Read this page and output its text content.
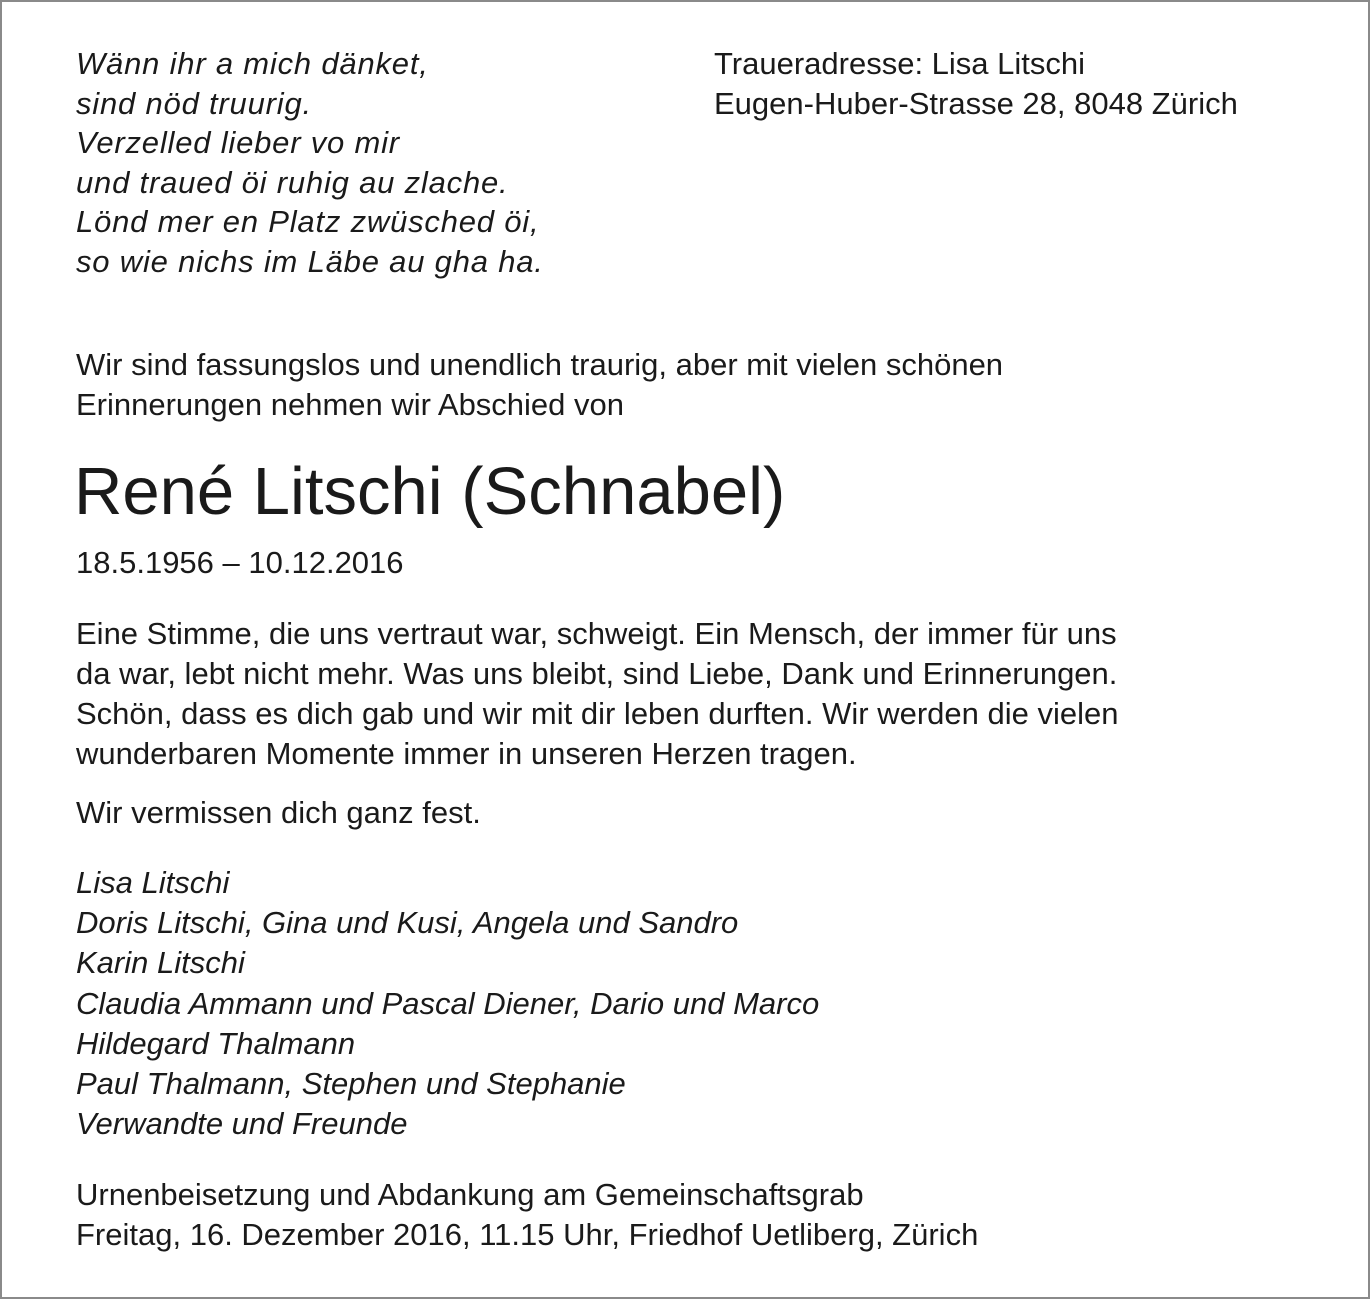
Wänn ihr a mich dänket,
sind nöd truurig.
Verzelled lieber vo mir
und traued öi ruhig au zlache.
Lönd mer en Platz zwüsched öi,
so wie nichs im Läbe au gha ha.
Traueradresse: Lisa Litschi
Eugen-Huber-Strasse 28, 8048 Zürich
Wir sind fassungslos und unendlich traurig, aber mit vielen schönen
Erinnerungen nehmen wir Abschied von
René Litschi (Schnabel)
18.5.1956 – 10.12.2016
Eine Stimme, die uns vertraut war, schweigt. Ein Mensch, der immer für uns
da war, lebt nicht mehr. Was uns bleibt, sind Liebe, Dank und Erinnerungen.
Schön, dass es dich gab und wir mit dir leben durften. Wir werden die vielen
wunderbaren Momente immer in unseren Herzen tragen.
Wir vermissen dich ganz fest.
Lisa Litschi
Doris Litschi, Gina und Kusi, Angela und Sandro
Karin Litschi
Claudia Ammann und Pascal Diener, Dario und Marco
Hildegard Thalmann
Paul Thalmann, Stephen und Stephanie
Verwandte und Freunde
Urnenbeisetzung und Abdankung am Gemeinschaftsgrab
Freitag, 16. Dezember 2016, 11.15 Uhr, Friedhof Uetliberg, Zürich
